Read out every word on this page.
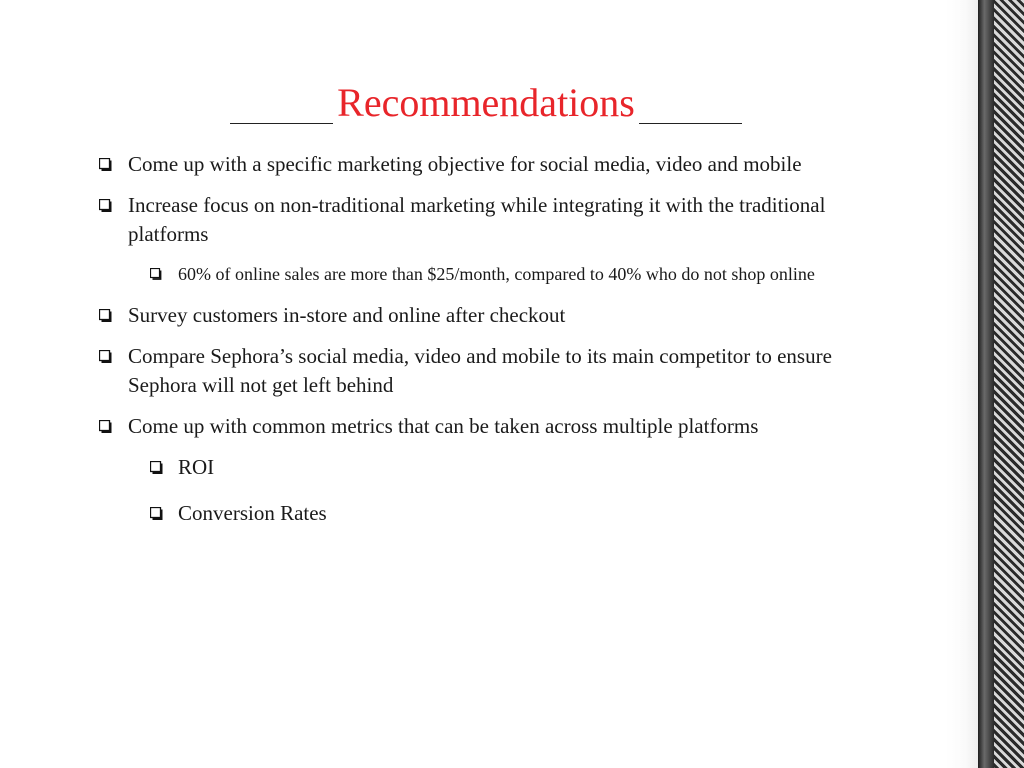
Recommendations
Come up with a specific marketing objective for social media, video and mobile
Increase focus on non-traditional marketing while integrating it with the traditional platforms
60% of online sales are more than $25/month, compared to 40% who do not shop online
Survey customers in-store and online after checkout
Compare Sephora’s social media, video and mobile to its main competitor to ensure Sephora will not get left behind
Come up with common metrics that can be taken across multiple platforms
ROI
Conversion Rates
